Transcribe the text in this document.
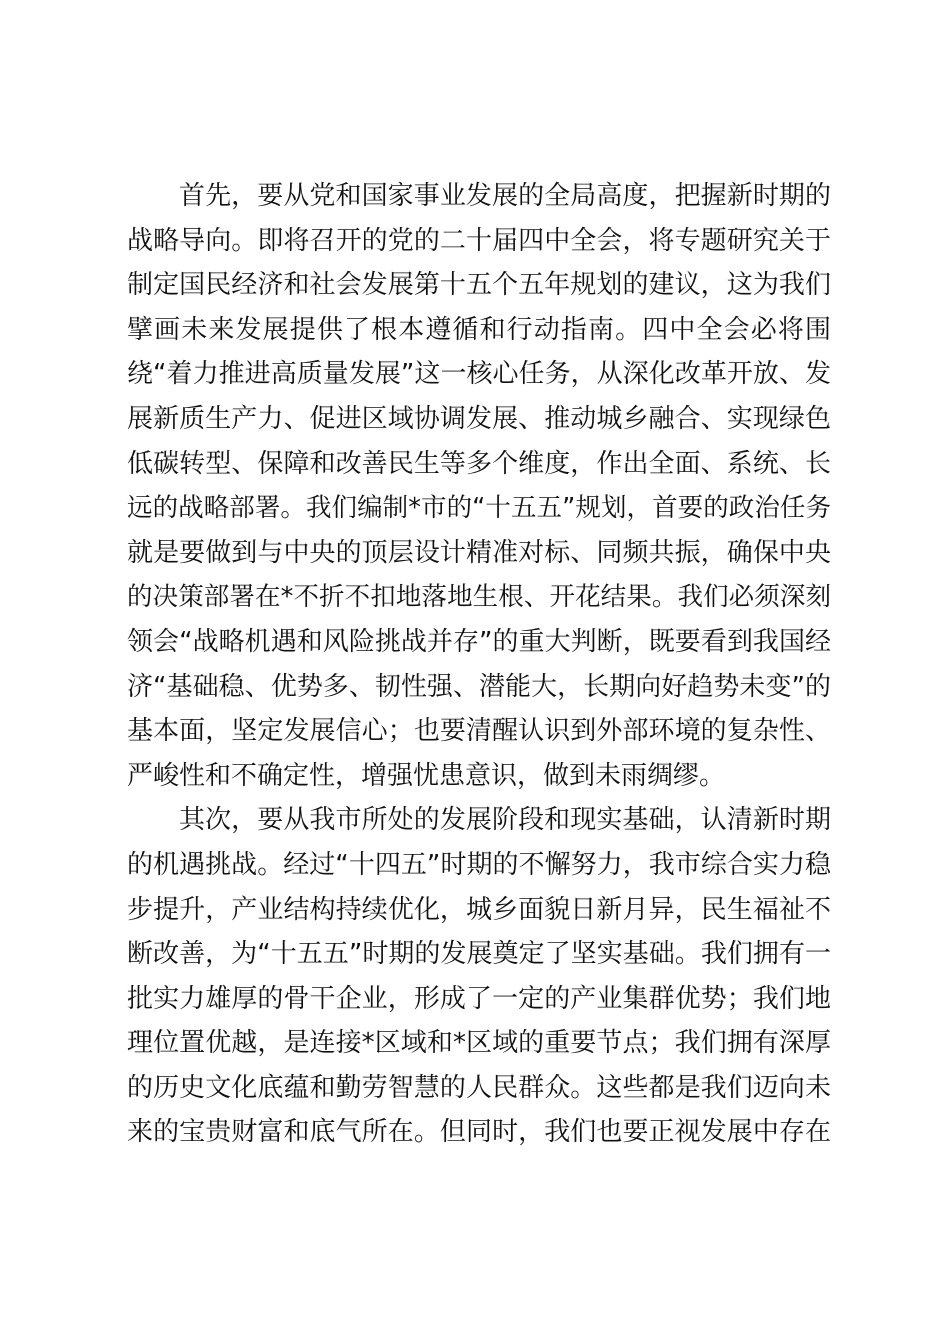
首先，要从党和国家事业发展的全局高度，把握新时期的
战略导向。即将召开的党的二十届四中全会，将专题研究关于
制定国民经济和社会发展第十五个五年规划的建议，这为我们
擘画未来发展提供了根本遵循和行动指南。四中全会必将围
绕“着力推进高质量发展”这一核心任务，从深化改革开放、发
展新质生产力、促进区域协调发展、推动城乡融合、实现绿色
低碳转型、保障和改善民生等多个维度，作出全面、系统、长
远的战略部署。我们编制*市的“十五五”规划，首要的政治任务
就是要做到与中央的顶层设计精准对标、同频共振，确保中央
的决策部署在*不折不扣地落地生根、开花结果。我们必须深刻
领会“战略机遇和风险挑战并存”的重大判断，既要看到我国经
济“基础稳、优势多、韧性强、潜能大，长期向好趋势未变”的
基本面，坚定发展信心；也要清醒认识到外部环境的复杂性、
严峻性和不确定性，增强忧患意识，做到未雨绸缪。
其次，要从我市所处的发展阶段和现实基础，认清新时期
的机遇挑战。经过“十四五”时期的不懈努力，我市综合实力稳
步提升，产业结构持续优化，城乡面貌日新月异，民生福祉不
断改善，为“十五五”时期的发展奠定了坚实基础。我们拥有一
批实力雄厚的骨干企业，形成了一定的产业集群优势；我们地
理位置优越，是连接*区域和*区域的重要节点；我们拥有深厚
的历史文化底蕴和勤劳智慧的人民群众。这些都是我们迈向未
来的宝贵财富和底气所在。但同时，我们也要正视发展中存在
